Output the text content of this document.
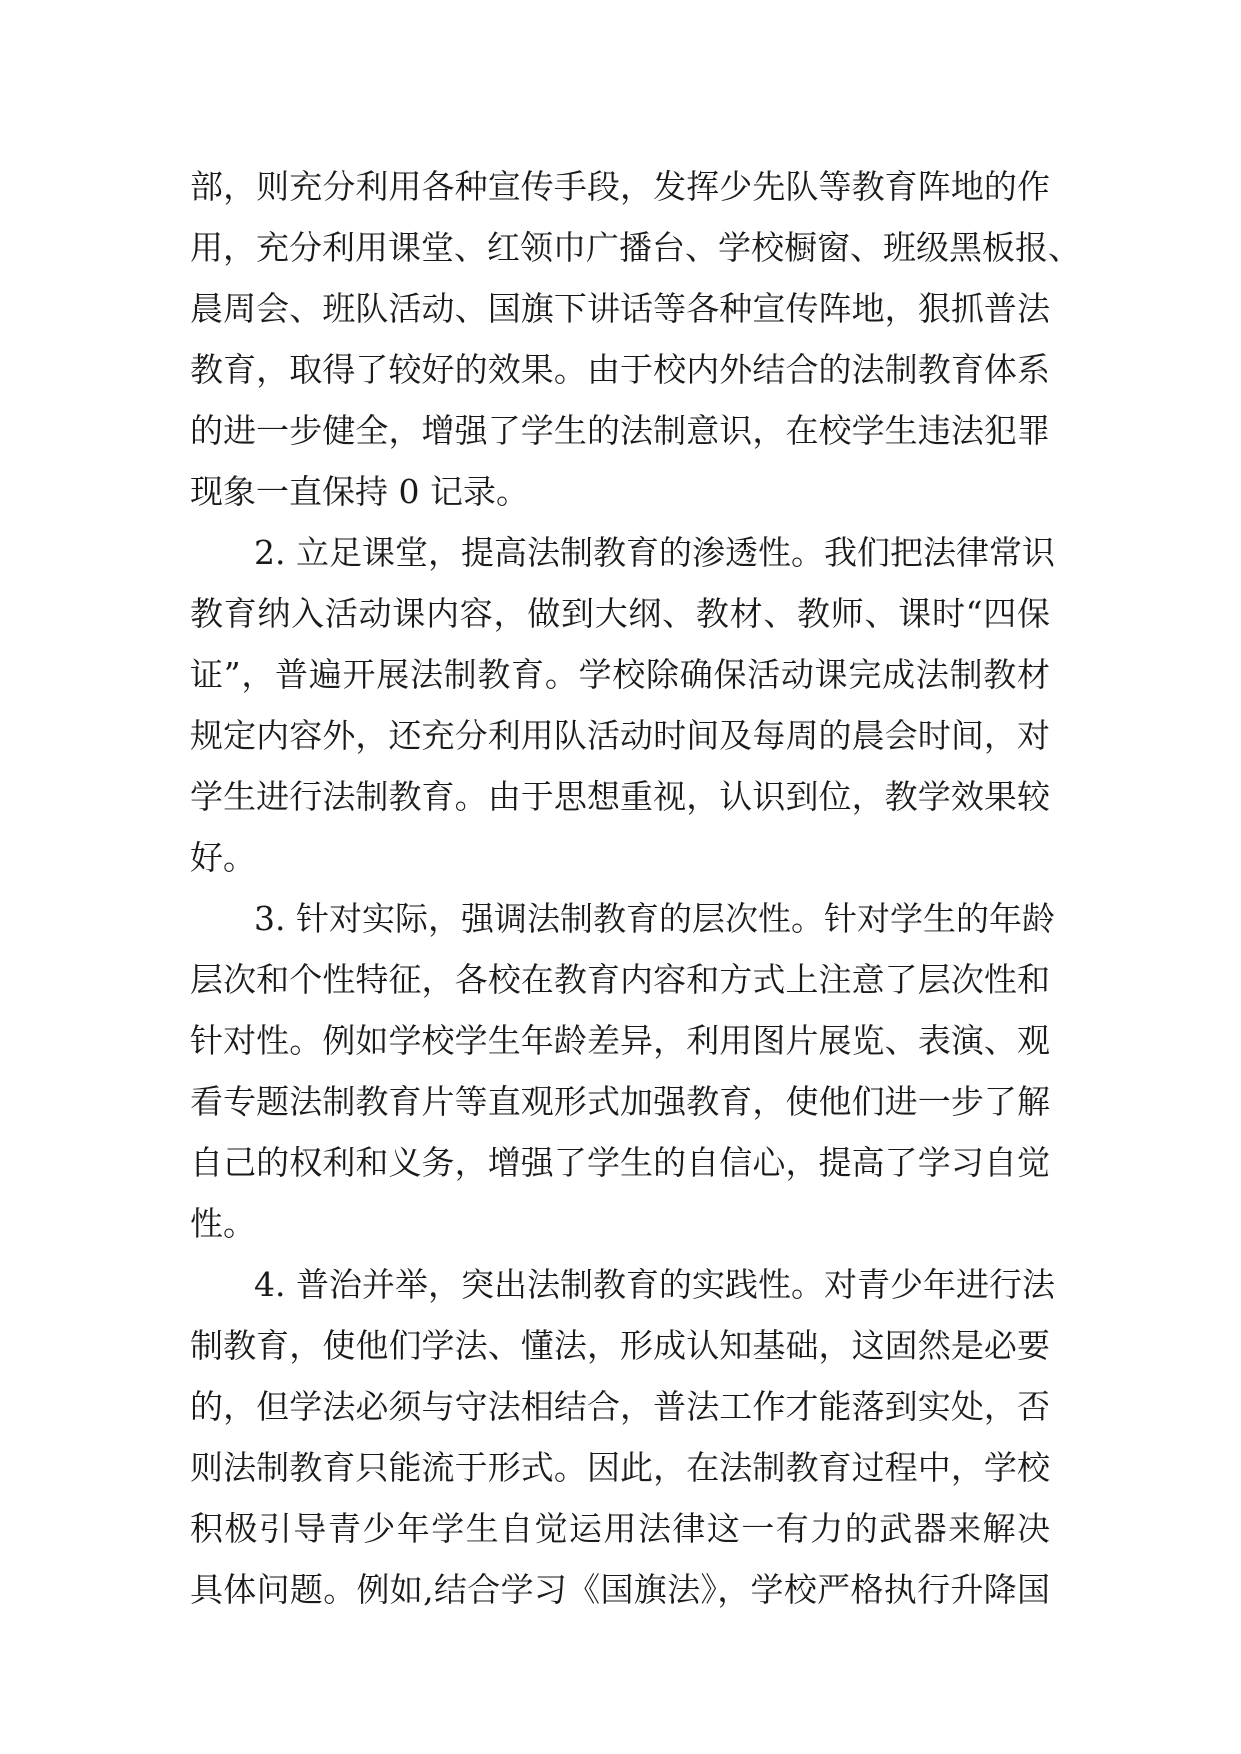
部，则充分利用各种宣传手段，发挥少先队等教育阵地的作
用，充分利用课堂、红领巾广播台、学校橱窗、班级黑板报、
晨周会、班队活动、国旗下讲话等各种宣传阵地，狠抓普法
教育，取得了较好的效果。由于校内外结合的法制教育体系
的进一步健全，增强了学生的法制意识，在校学生违法犯罪
现象一直保持 0 记录。
2. 立足课堂，提高法制教育的渗透性。我们把法律常识
教育纳入活动课内容，做到大纲、教材、教师、课时“四保
证”，普遍开展法制教育。学校除确保活动课完成法制教材
规定内容外，还充分利用队活动时间及每周的晨会时间，对
学生进行法制教育。由于思想重视，认识到位，教学效果较
好。
3. 针对实际，强调法制教育的层次性。针对学生的年龄
层次和个性特征，各校在教育内容和方式上注意了层次性和
针对性。例如学校学生年龄差异，利用图片展览、表演、观
看专题法制教育片等直观形式加强教育，使他们进一步了解
自己的权利和义务，增强了学生的自信心，提高了学习自觉
性。
4. 普治并举，突出法制教育的实践性。对青少年进行法
制教育，使他们学法、懂法，形成认知基础，这固然是必要
的，但学法必须与守法相结合，普法工作才能落到实处，否
则法制教育只能流于形式。因此，在法制教育过程中，学校
积极引导青少年学生自觉运用法律这一有力的武器来解决
具体问题。例如,结合学习《国旗法》，学校严格执行升降国
